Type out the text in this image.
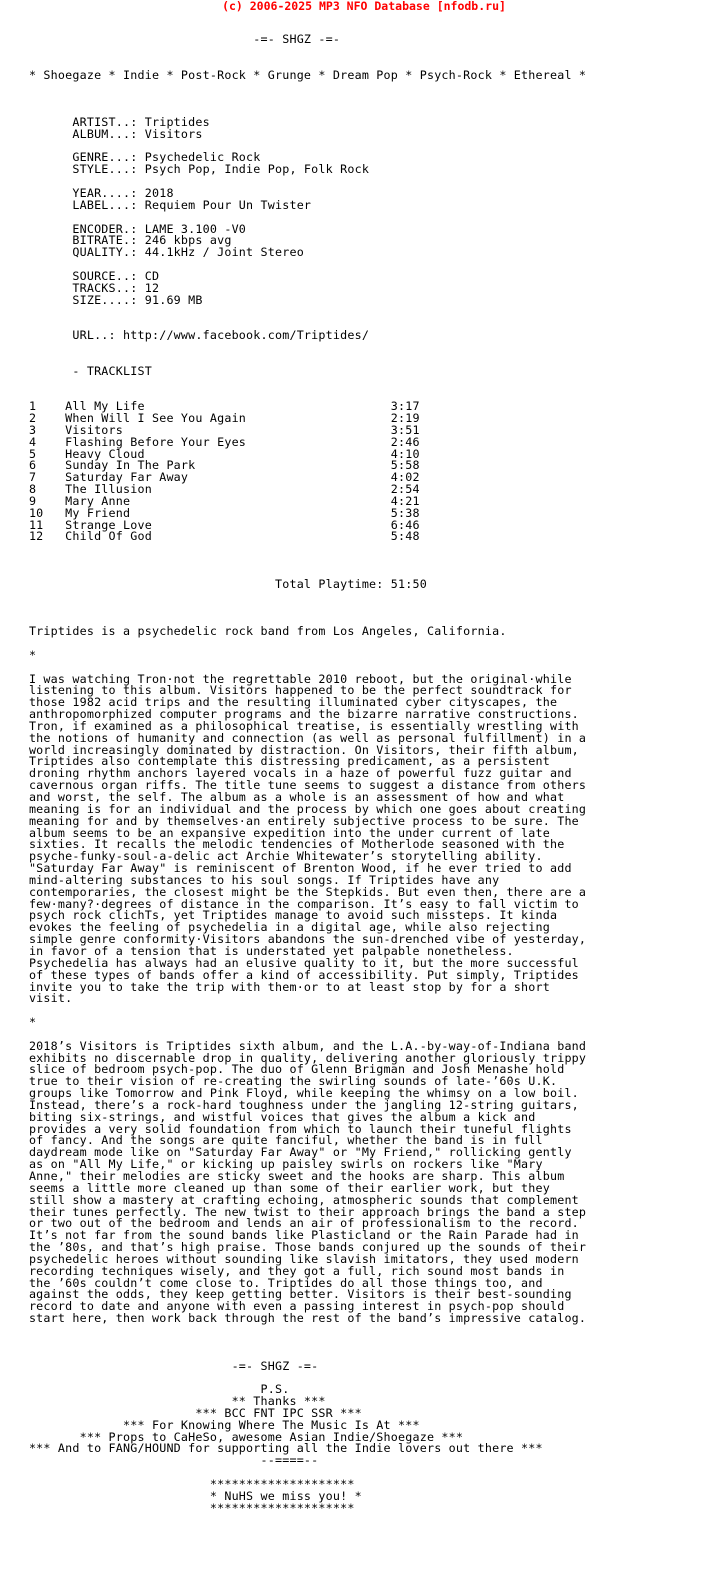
(c) 2006-2025 MP3 NFO Database [nfodb.ru]
-=- SHGZ -=-

* Shoegaze * Indie * Post-Rock * Grunge * Dream Pop * Psych-Rock * Ethereal *

ARTIST..: Triptides
ALBUM...: Visitors

GENRE...: Psychedelic Rock
STYLE...: Psych Pop, Indie Pop, Folk Rock

YEAR....: 2018
LABEL...: Requiem Pour Un Twister

ENCODER.: LAME 3.100 -V0
BITRATE.: 246 kbps avg
QUALITY.: 44.1kHz / Joint Stereo

SOURCE..: CD
TRACKS..: 12
SIZE....: 91.69 MB

URL..: http://www.facebook.com/Triptides/

- TRACKLIST

1    All My Life                                  3:17
2    When Will I See You Again                    2:19
3    Visitors                                     3:51
4    Flashing Before Your Eyes                    2:46
5    Heavy Cloud                                  4:10
6    Sunday In The Park                           5:58
7    Saturday Far Away                            4:02
8    The Illusion                                 2:54
9    Mary Anne                                    4:21
10   My Friend                                    5:38
11   Strange Love                                 6:46
12   Child Of God                                 5:48

Total Playtime: 51:50

Triptides is a psychedelic rock band from Los Angeles, California.

*

I was watching Tron·not the regrettable 2010 reboot, but the original·while
listening to this album. Visitors happened to be the perfect soundtrack for
those 1982 acid trips and the resulting illuminated cyber cityscapes, the
anthropomorphized computer programs and the bizarre narrative constructions.
Tron, if examined as a philosophical treatise, is essentially wrestling with
the notions of humanity and connection (as well as personal fulfillment) in a
world increasingly dominated by distraction. On Visitors, their fifth album,
Triptides also contemplate this distressing predicament, as a persistent
droning rhythm anchors layered vocals in a haze of powerful fuzz guitar and
cavernous organ riffs. The title tune seems to suggest a distance from others
and worst, the self. The album as a whole is an assessment of how and what
meaning is for an individual and the process by which one goes about creating
meaning for and by themselves·an entirely subjective process to be sure. The
album seems to be an expansive expedition into the under current of late
sixties. It recalls the melodic tendencies of Motherlode seasoned with the
psyche-funky-soul-a-delic act Archie Whitewater’s storytelling ability.
"Saturday Far Away" is reminiscent of Brenton Wood, if he ever tried to add
mind-altering substances to his soul songs. If Triptides have any
contemporaries, the closest might be the Stepkids. But even then, there are a
few·many?·degrees of distance in the comparison. It’s easy to fall victim to
psych rock clichTs, yet Triptides manage to avoid such missteps. It kinda
evokes the feeling of psychedelia in a digital age, while also rejecting
simple genre conformity·Visitors abandons the sun-drenched vibe of yesterday,
in favor of a tension that is understated yet palpable nonetheless.
Psychedelia has always had an elusive quality to it, but the more successful
of these types of bands offer a kind of accessibility. Put simply, Triptides
invite you to take the trip with them·or to at least stop by for a short
visit.

*

2018’s Visitors is Triptides sixth album, and the L.A.-by-way-of-Indiana band
exhibits no discernable drop in quality, delivering another gloriously trippy
slice of bedroom psych-pop. The duo of Glenn Brigman and Josh Menashe hold
true to their vision of re-creating the swirling sounds of late-’60s U.K.
groups like Tomorrow and Pink Floyd, while keeping the whimsy on a low boil.
Instead, there’s a rock-hard toughness under the jangling 12-string guitars,
biting six-strings, and wistful voices that gives the album a kick and
provides a very solid foundation from which to launch their tuneful flights
of fancy. And the songs are quite fanciful, whether the band is in full
daydream mode like on "Saturday Far Away" or "My Friend," rollicking gently
as on "All My Life," or kicking up paisley swirls on rockers like "Mary
Anne," their melodies are sticky sweet and the hooks are sharp. This album
seems a little more cleaned up than some of their earlier work, but they
still show a mastery at crafting echoing, atmospheric sounds that complement
their tunes perfectly. The new twist to their approach brings the band a step
or two out of the bedroom and lends an air of professionalism to the record.
It’s not far from the sound bands like Plasticland or the Rain Parade had in
the ’80s, and that’s high praise. Those bands conjured up the sounds of their
psychedelic heroes without sounding like slavish imitators, they used modern
recording techniques wisely, and they got a full, rich sound most bands in
the ’60s couldn’t come close to. Triptides do all those things too, and
against the odds, they keep getting better. Visitors is their best-sounding
record to date and anyone with even a passing interest in psych-pop should
start here, then work back through the rest of the band’s impressive catalog.

-=- SHGZ -=-

P.S.
** Thanks ***
*** BCC FNT IPC SSR ***
*** For Knowing Where The Music Is At ***
*** Props to CaHeSo, awesome Asian Indie/Shoegaze ***
*** And to FANG/HOUND for supporting all the Indie lovers out there ***
--====--

********************
* NuHS we miss you! *
********************
